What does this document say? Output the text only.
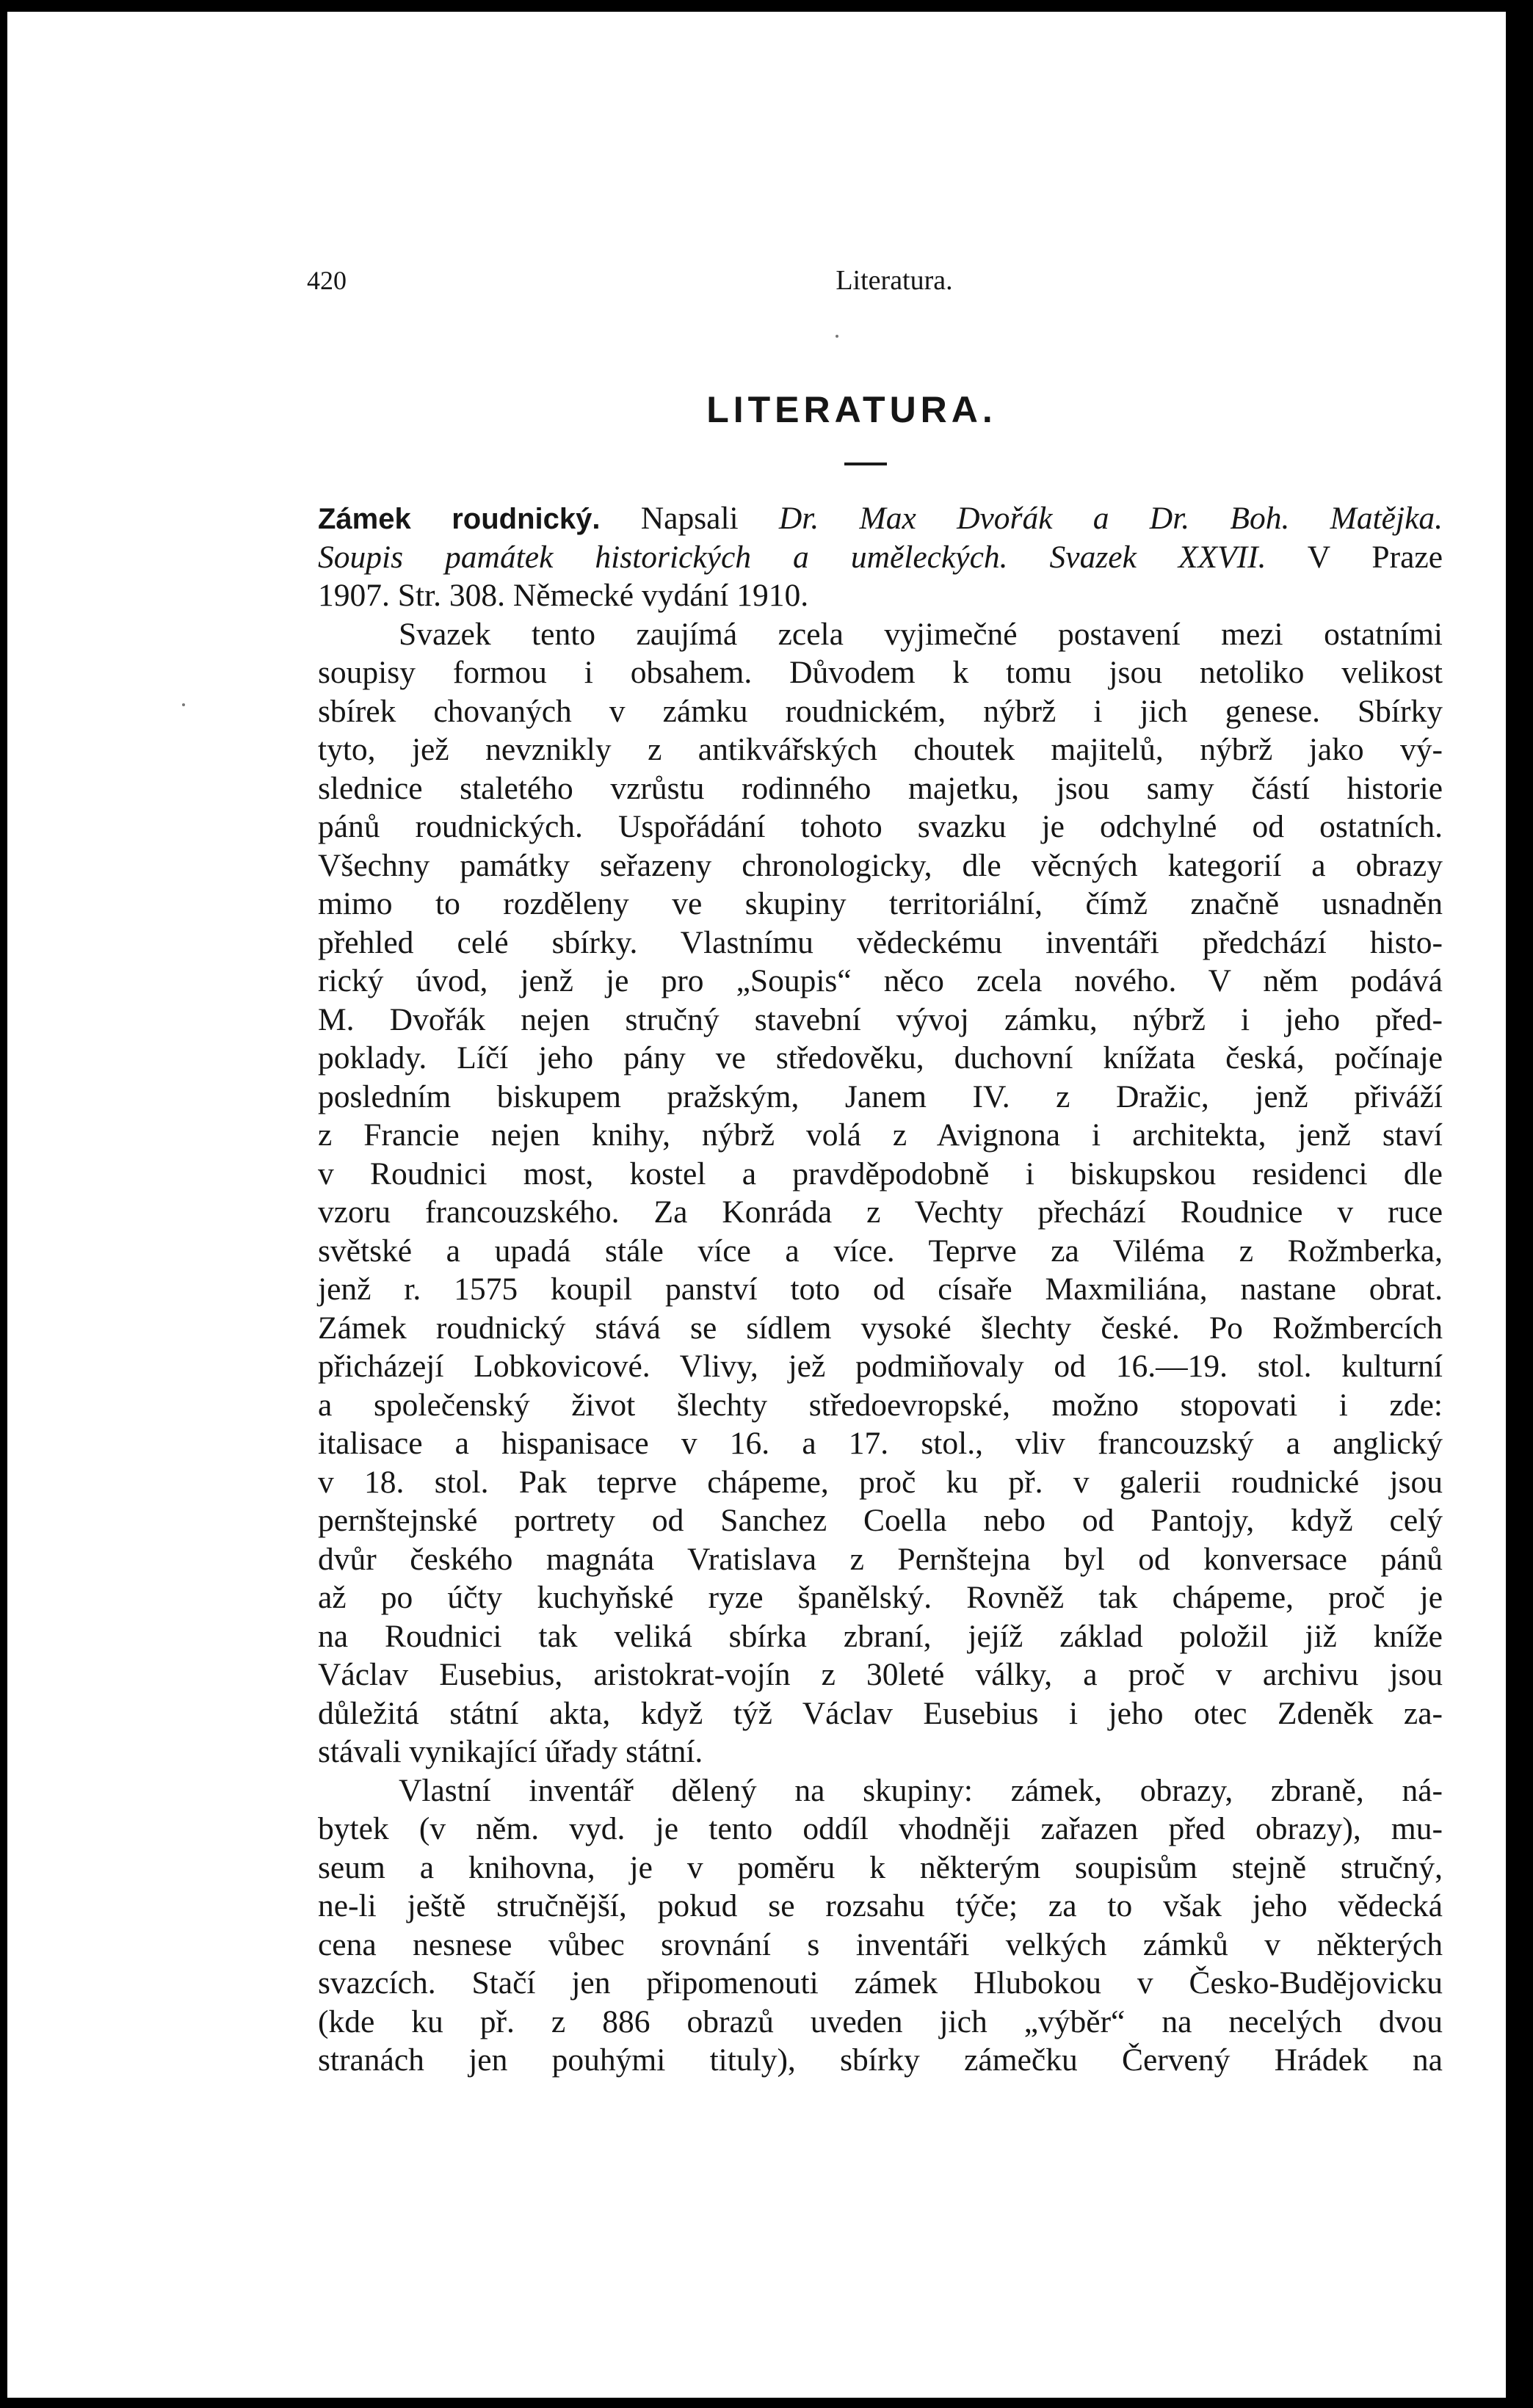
420	Literatura.
LITERATURA.
Zámek roudnický. Napsali Dr. Max Dvořák a Dr. Boh. Matějka.
Soupis památek historických a uměleckých. Svazek XXVII. V Praze
1907. Str. 308. Německé vydání 1910.
Svazek tento zaujímá zcela vyjimečné postavení mezi ostatními
soupisy formou i obsahem. Důvodem k tomu jsou netoliko velikost
sbírek chovaných v zámku roudnickém, nýbrž i jich genese. Sbírky
tyto, jež nevznikly z antikvářských choutek majitelů, nýbrž jako vý-
slednice staletého vzrůstu rodinného majetku, jsou samy částí historie
pánů roudnických. Uspořádání tohoto svazku je odchylné od ostatních.
Všechny památky seřazeny chronologicky, dle věcných kategorií a obrazy
mimo to rozděleny ve skupiny territoriální, čímž značně usnadněn
přehled celé sbírky. Vlastnímu vědeckému inventáři předchází histo-
rický úvod, jenž je pro „Soupis“ něco zcela nového. V něm podává
M. Dvořák nejen stručný stavební vývoj zámku, nýbrž i jeho před-
poklady. Líčí jeho pány ve středověku, duchovní knížata česká, počínaje
posledním biskupem pražským, Janem IV. z Dražic, jenž přiváží
z Francie nejen knihy, nýbrž volá z Avignona i architekta, jenž staví
v Roudnici most, kostel a pravděpodobně i biskupskou residenci dle
vzoru francouzského. Za Konráda z Vechty přechází Roudnice v ruce
světské a upadá stále více a více. Teprve za Viléma z Rožmberka,
jenž r. 1575 koupil panství toto od císaře Maxmiliána, nastane obrat.
Zámek roudnický stává se sídlem vysoké šlechty české. Po Rožmbercích
přicházejí Lobkovicové. Vlivy, jež podmiňovaly od 16.—19. stol. kulturní
a společenský život šlechty středoevropské, možno stopovati i zde:
italisace a hispanisace v 16. a 17. stol., vliv francouzský a anglický
v 18. stol. Pak teprve chápeme, proč ku př. v galerii roudnické jsou
pernštejnské portrety od Sanchez Coella nebo od Pantojy, když celý
dvůr českého magnáta Vratislava z Pernštejna byl od konversace pánů
až po účty kuchyňské ryze španělský. Rovněž tak chápeme, proč je
na Roudnici tak veliká sbírka zbraní, jejíž základ položil již kníže
Václav Eusebius, aristokrat-vojín z 30leté války, a proč v archivu jsou
důležitá státní akta, když týž Václav Eusebius i jeho otec Zdeněk za-
stávali vynikající úřady státní.
Vlastní inventář dělený na skupiny: zámek, obrazy, zbraně, ná-
bytek (v něm. vyd. je tento oddíl vhodněji zařazen před obrazy), mu-
seum a knihovna, je v poměru k některým soupisům stejně stručný,
ne-li ještě stručnější, pokud se rozsahu týče; za to však jeho vědecká
cena nesnese vůbec srovnání s inventáři velkých zámků v některých
svazcích. Stačí jen připomenouti zámek Hlubokou v Česko-Budějovicku
(kde ku př. z 886 obrazů uveden jich „výběr“ na necelých dvou
stranách jen pouhými tituly), sbírky zámečku Červený Hrádek na
